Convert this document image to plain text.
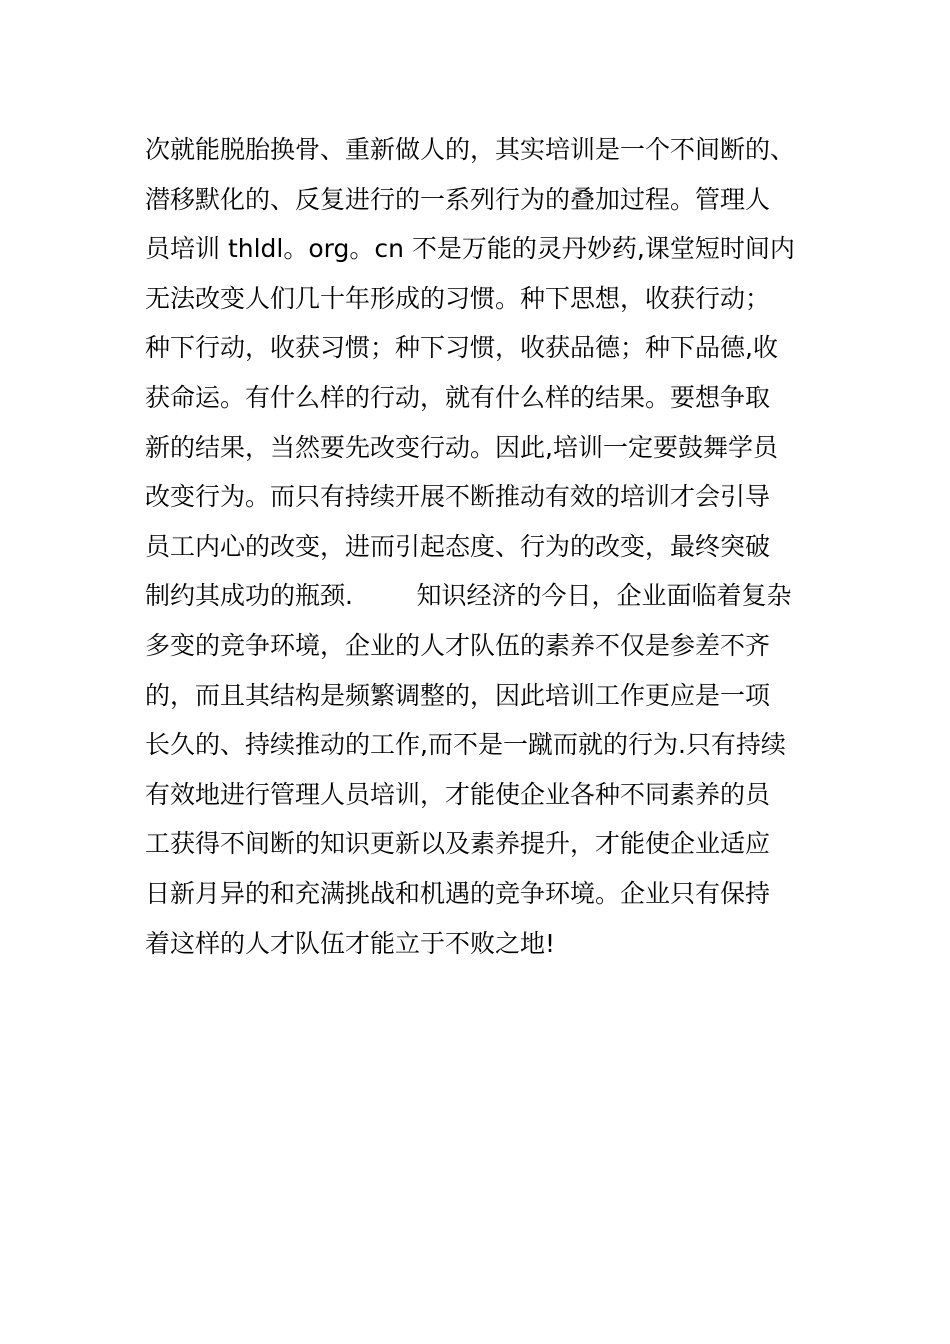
次就能脱胎换骨、重新做人的，其实培训是一个不间断的、
潜移默化的、反复进行的一系列行为的叠加过程。管理人
员培训 thldl。org。cn 不是万能的灵丹妙药,课堂短时间内
无法改变人们几十年形成的习惯。种下思想，收获行动；
种下行动，收获习惯；种下习惯，收获品德；种下品德,收
获命运。有什么样的行动，就有什么样的结果。要想争取
新的结果，当然要先改变行动。因此,培训一定要鼓舞学员
改变行为。而只有持续开展不断推动有效的培训才会引导
员工内心的改变，进而引起态度、行为的改变，最终突破
制约其成功的瓶颈.        知识经济的今日，企业面临着复杂
多变的竞争环境，企业的人才队伍的素养不仅是参差不齐
的，而且其结构是频繁调整的，因此培训工作更应是一项
长久的、持续推动的工作,而不是一蹴而就的行为.只有持续
有效地进行管理人员培训，才能使企业各种不同素养的员
工获得不间断的知识更新以及素养提升，才能使企业适应
日新月异的和充满挑战和机遇的竞争环境。企业只有保持
着这样的人才队伍才能立于不败之地!
